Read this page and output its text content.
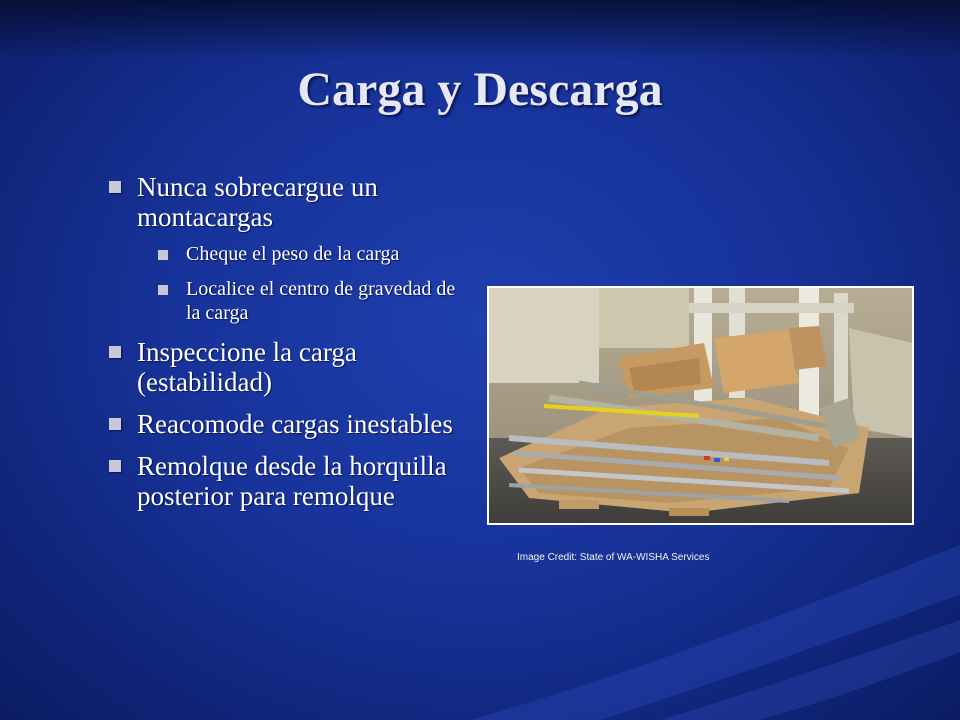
Carga y Descarga
Nunca sobrecargue un montacargas
Cheque el peso de la carga
Localice el centro de gravedad de la carga
Inspeccione la carga (estabilidad)
Reacomode cargas inestables
Remolque desde la horquilla posterior para remolque
Image Credit: State of WA-WISHA Services
